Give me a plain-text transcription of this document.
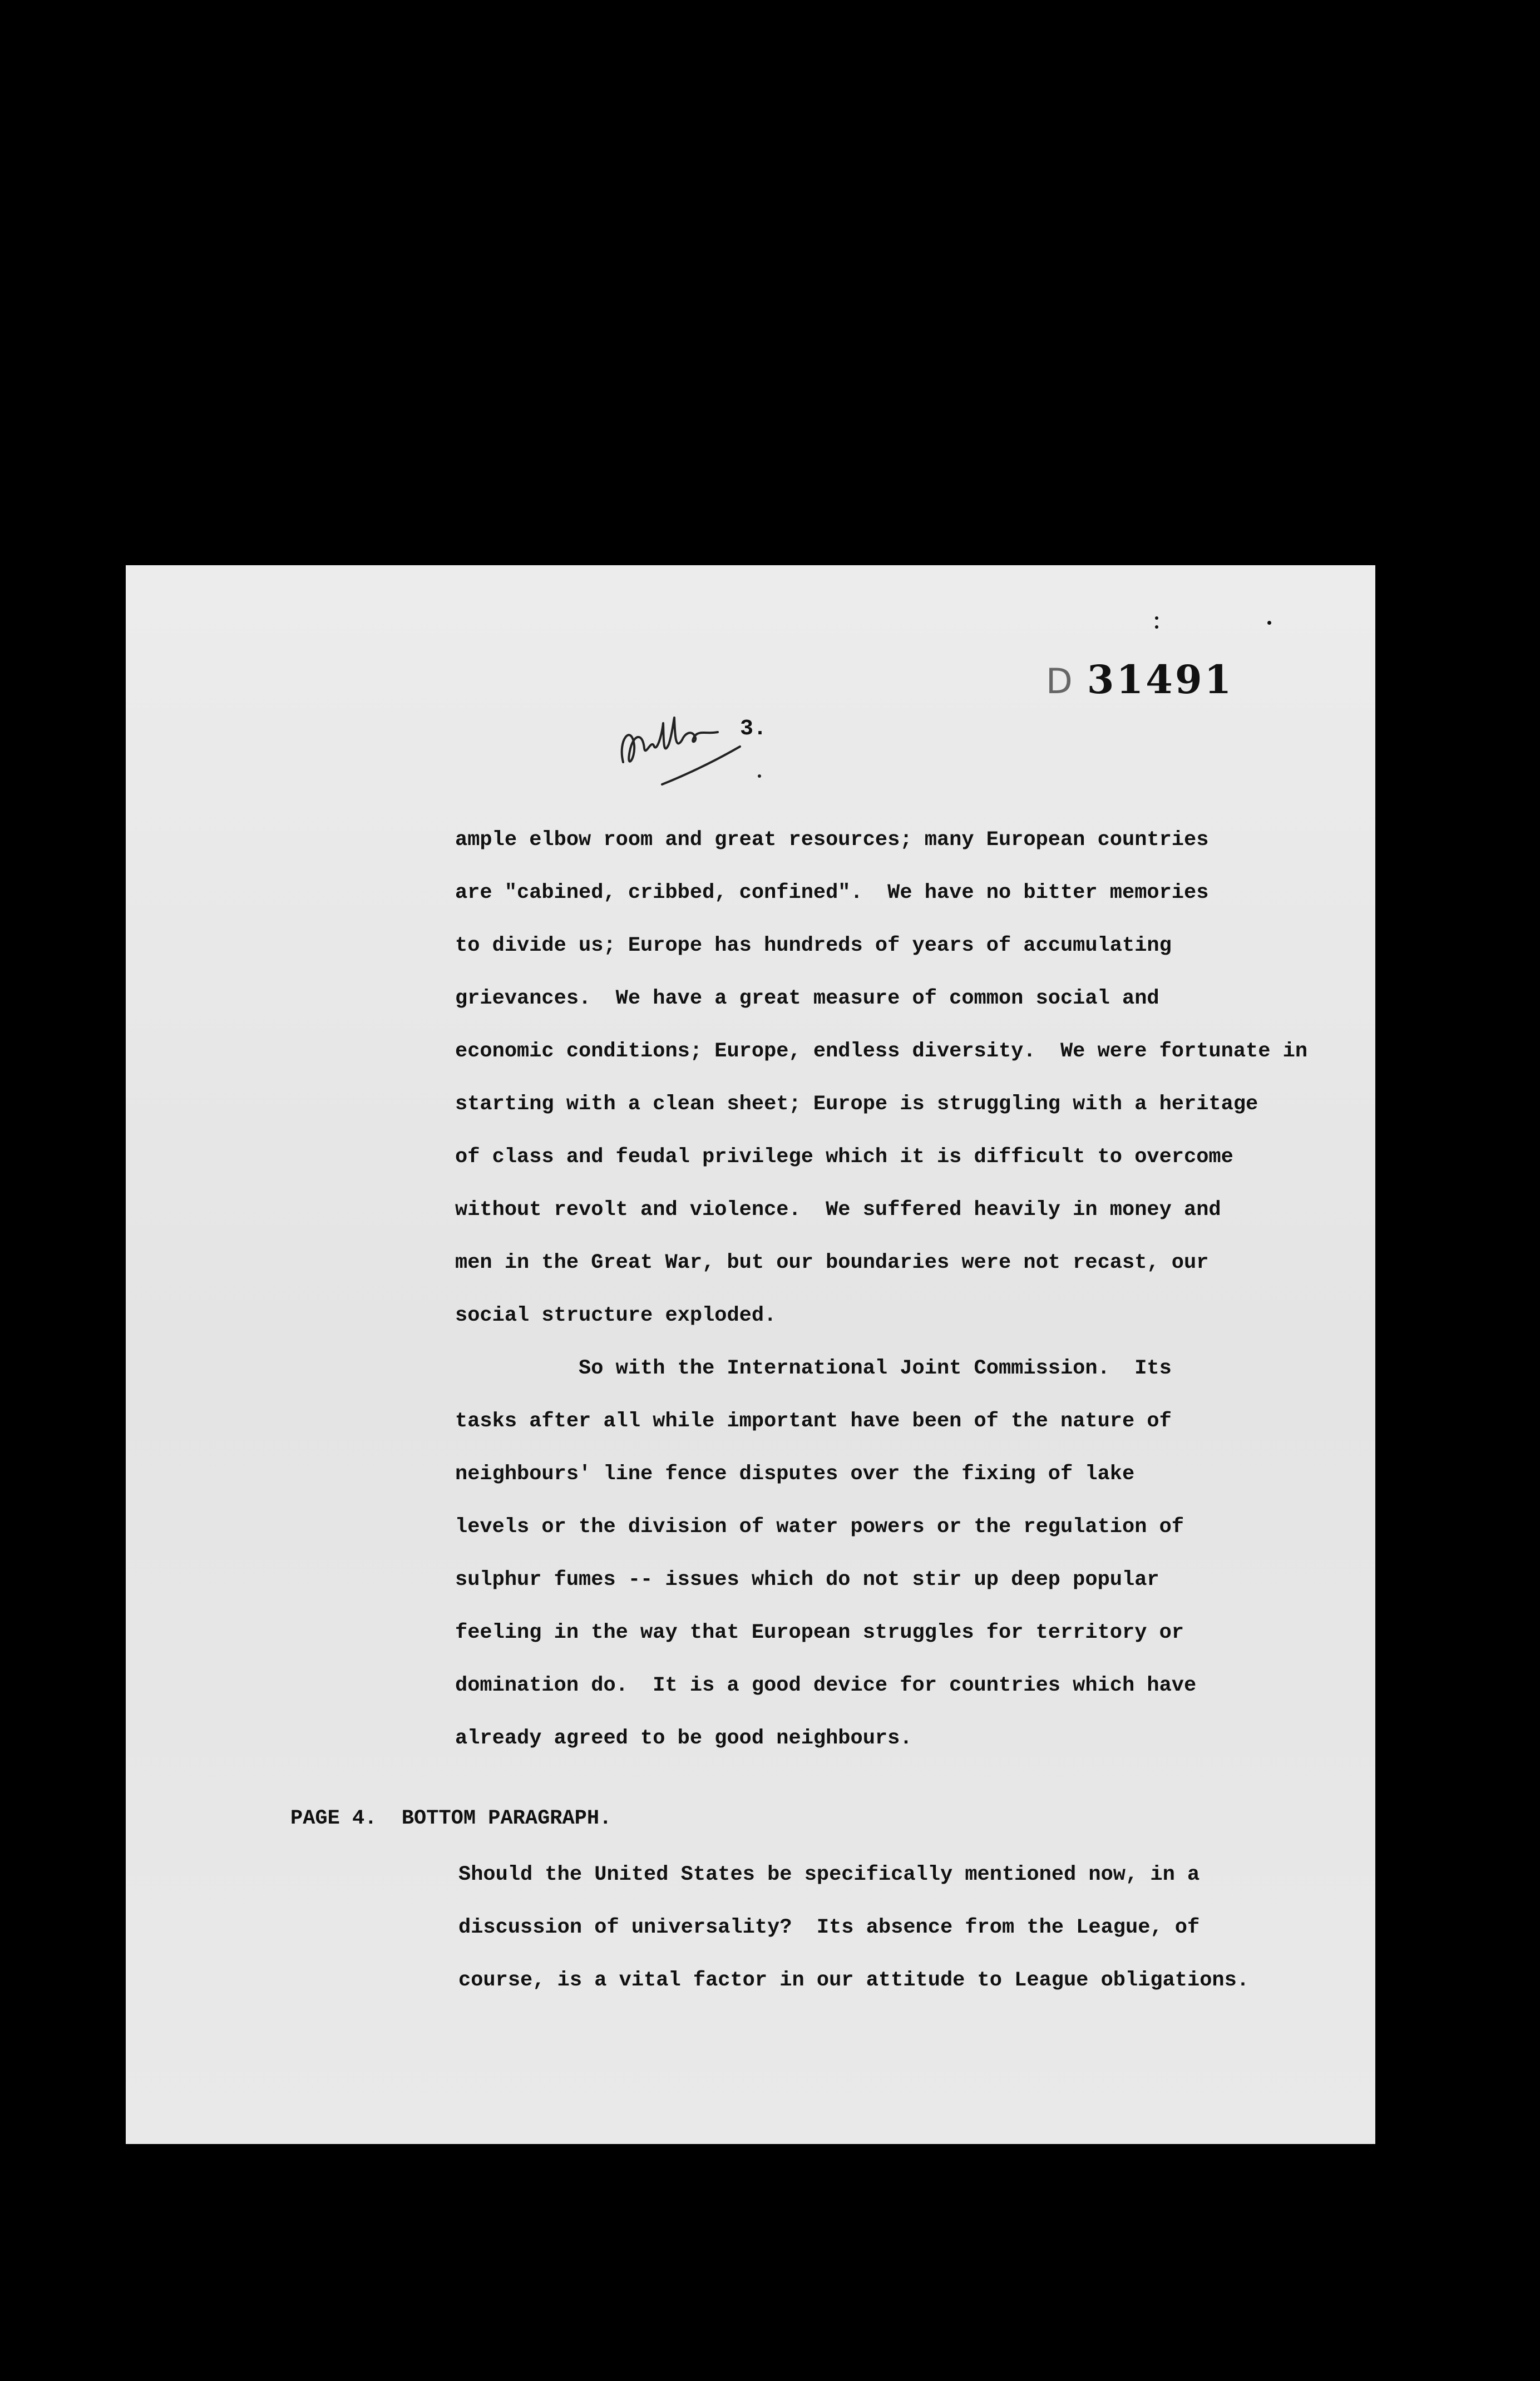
D 31491
3.
ample elbow room and great resources; many European countries
are "cabined, cribbed, confined".  We have no bitter memories
to divide us; Europe has hundreds of years of accumulating
grievances.  We have a great measure of common social and
economic conditions; Europe, endless diversity.  We were fortunate in
starting with a clean sheet; Europe is struggling with a heritage
of class and feudal privilege which it is difficult to overcome
without revolt and violence.  We suffered heavily in money and
men in the Great War, but our boundaries were not recast, our
social structure exploded.
So with the International Joint Commission.  Its
tasks after all while important have been of the nature of
neighbours' line fence disputes over the fixing of lake
levels or the division of water powers or the regulation of
sulphur fumes -- issues which do not stir up deep popular
feeling in the way that European struggles for territory or
domination do.  It is a good device for countries which have
already agreed to be good neighbours.
PAGE 4.  BOTTOM PARAGRAPH.
Should the United States be specifically mentioned now, in a
discussion of universality?  Its absence from the League, of
course, is a vital factor in our attitude to League obligations.
